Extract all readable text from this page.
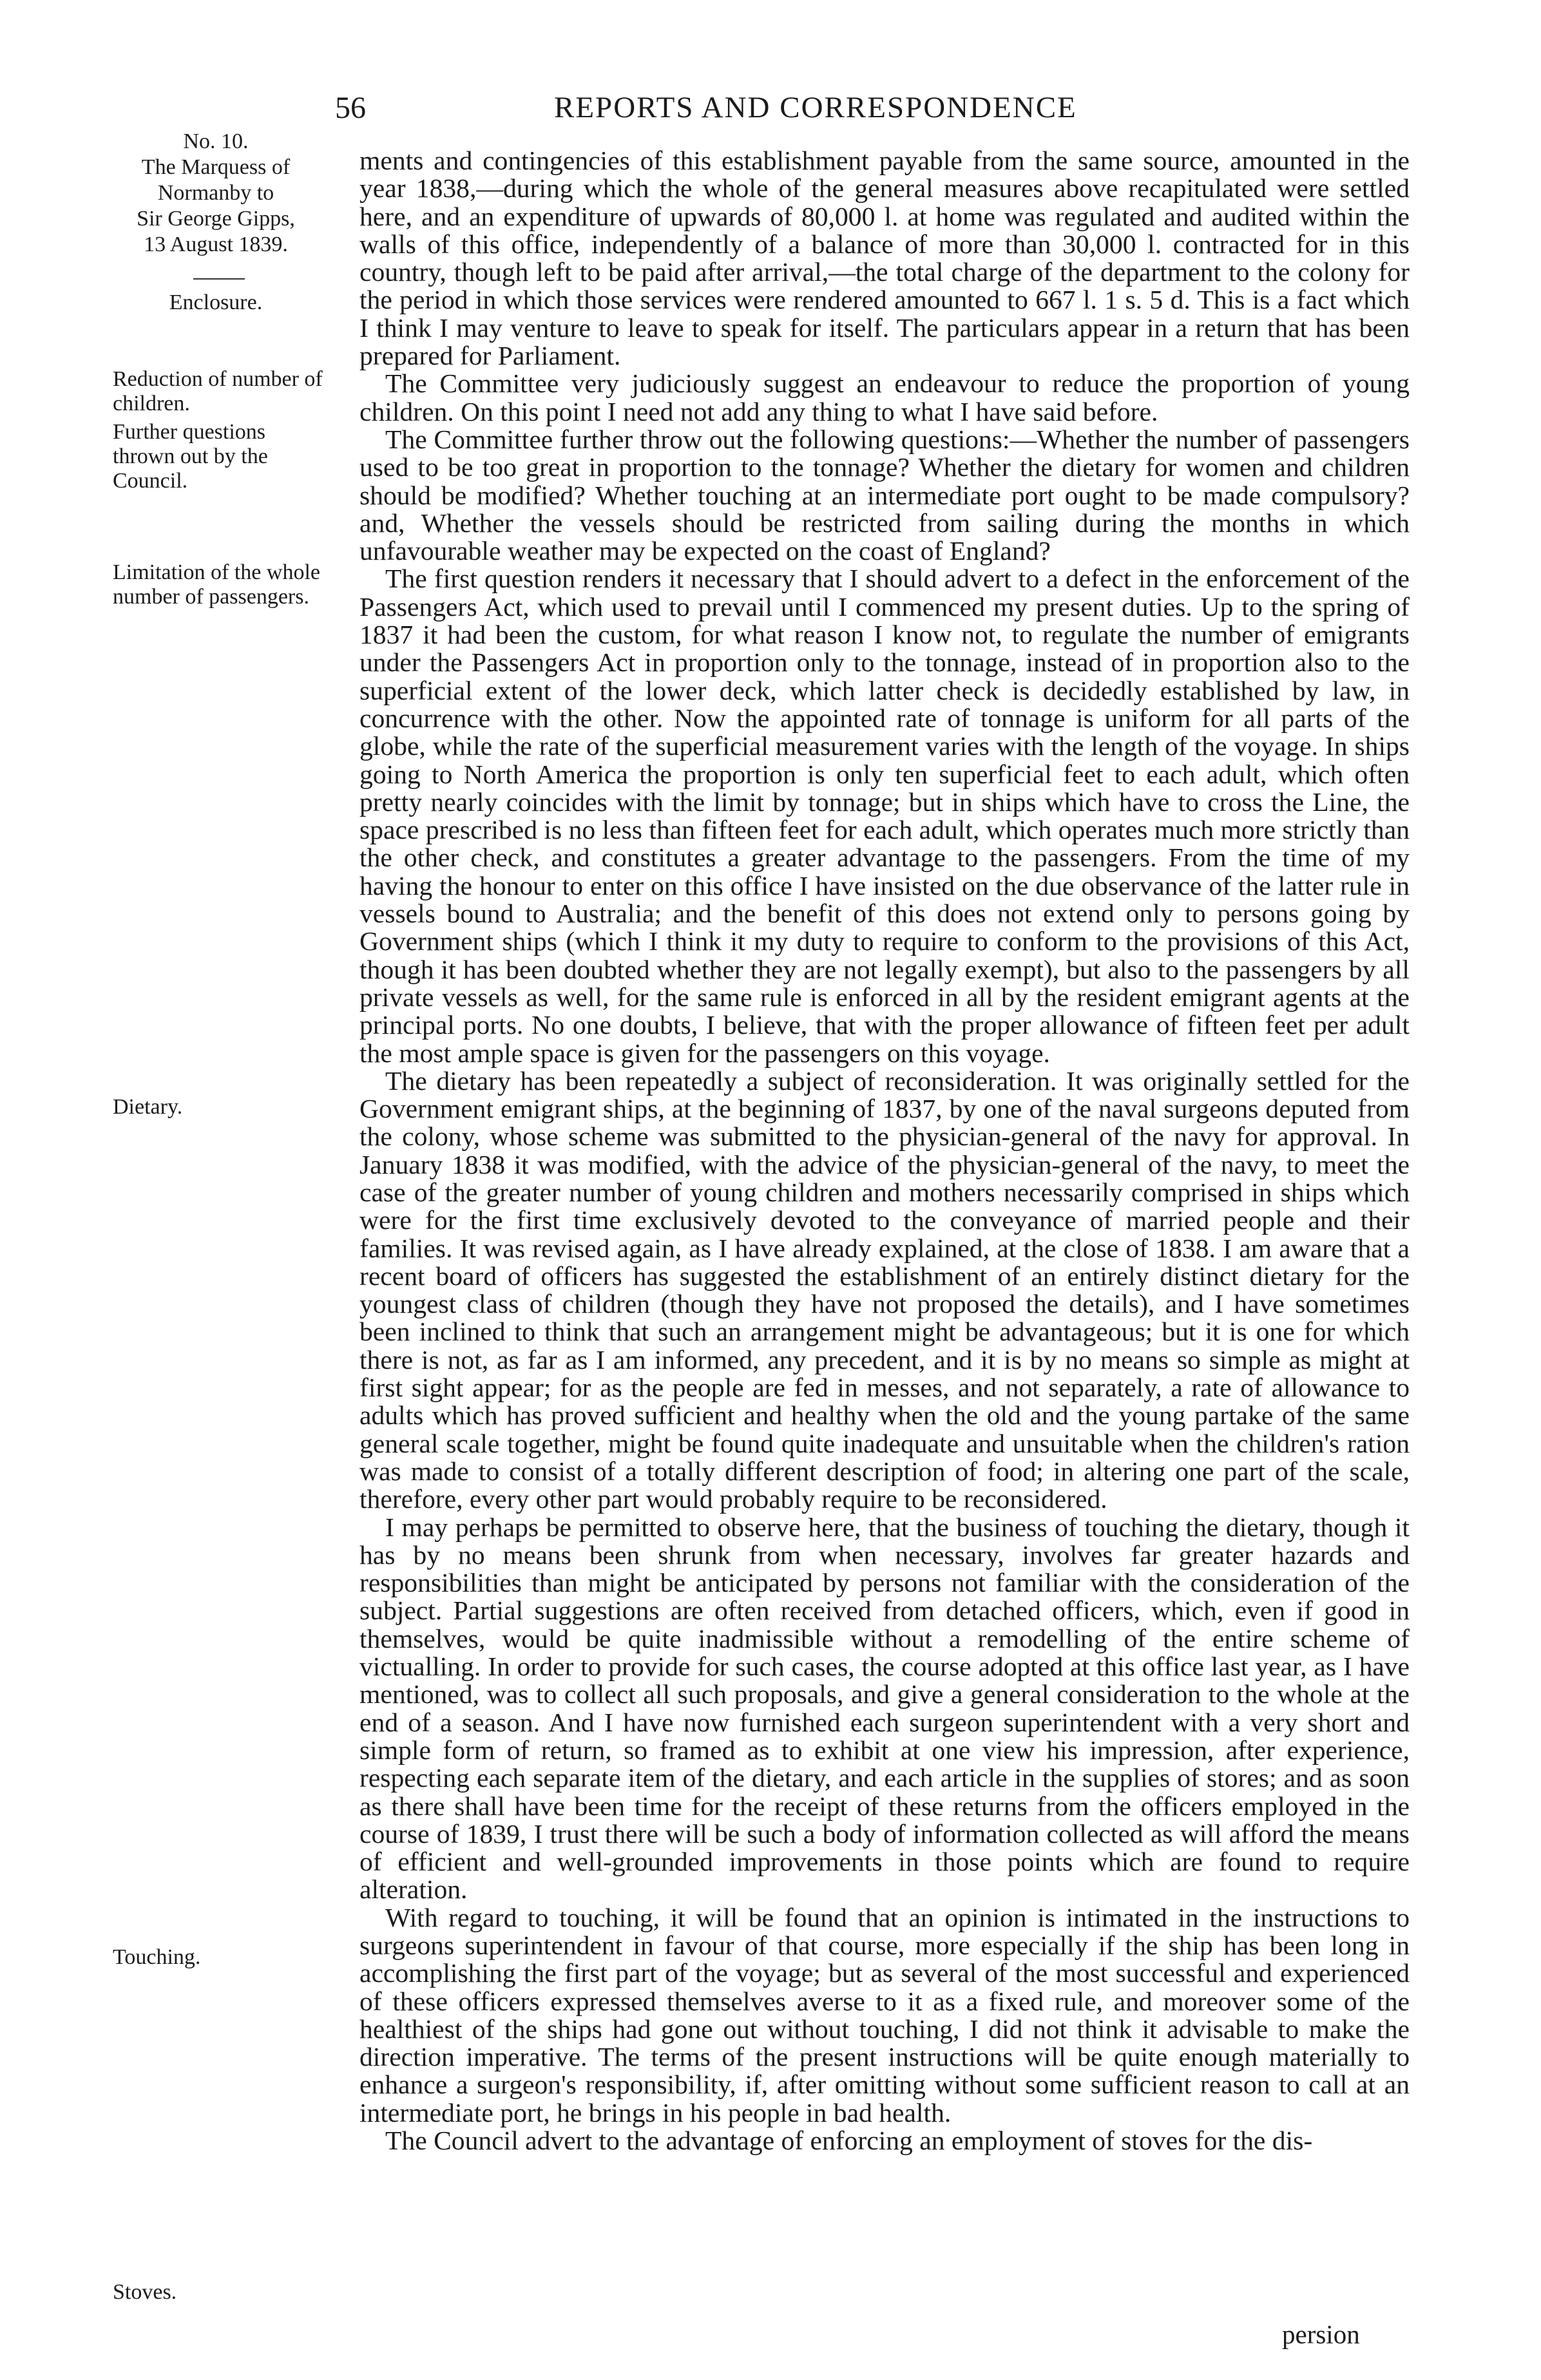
56	REPORTS AND CORRESPONDENCE
No. 10.
The Marquess of
Normanby to
Sir George Gipps,
13 August 1839.
Enclosure.
Reduction of number of children.
Further questions thrown out by the Council.
Limitation of the whole number of passengers.
Dietary.
Touching.
Stoves.

ments and contingencies of this establishment payable from the same source, amounted in the year 1838,—during which the whole of the general measures above recapitulated were settled here, and an expenditure of upwards of 80,000 l. at home was regulated and audited within the walls of this office, independently of a balance of more than 30,000 l. contracted for in this country, though left to be paid after arrival,—the total charge of the department to the colony for the period in which those services were rendered amounted to 667 l. 1 s. 5 d. This is a fact which I think I may venture to leave to speak for itself. The particulars appear in a return that has been prepared for Parliament.

The Committee very judiciously suggest an endeavour to reduce the proportion of young children. On this point I need not add any thing to what I have said before.

The Committee further throw out the following questions:—Whether the number of passengers used to be too great in proportion to the tonnage? Whether the dietary for women and children should be modified? Whether touching at an intermediate port ought to be made compulsory? and, Whether the vessels should be restricted from sailing during the months in which unfavourable weather may be expected on the coast of England?

The first question renders it necessary that I should advert to a defect in the enforcement of the Passengers Act, which used to prevail until I commenced my present duties. Up to the spring of 1837 it had been the custom, for what reason I know not, to regulate the number of emigrants under the Passengers Act in proportion only to the tonnage, instead of in proportion also to the superficial extent of the lower deck, which latter check is decidedly established by law, in concurrence with the other. Now the appointed rate of tonnage is uniform for all parts of the globe, while the rate of the superficial measurement varies with the length of the voyage. In ships going to North America the proportion is only ten superficial feet to each adult, which often pretty nearly coincides with the limit by tonnage; but in ships which have to cross the Line, the space prescribed is no less than fifteen feet for each adult, which operates much more strictly than the other check, and constitutes a greater advantage to the passengers. From the time of my having the honour to enter on this office I have insisted on the due observance of the latter rule in vessels bound to Australia; and the benefit of this does not extend only to persons going by Government ships (which I think it my duty to require to conform to the provisions of this Act, though it has been doubted whether they are not legally exempt), but also to the passengers by all private vessels as well, for the same rule is enforced in all by the resident emigrant agents at the principal ports. No one doubts, I believe, that with the proper allowance of fifteen feet per adult the most ample space is given for the passengers on this voyage.

The dietary has been repeatedly a subject of reconsideration. It was originally settled for the Government emigrant ships, at the beginning of 1837, by one of the naval surgeons deputed from the colony, whose scheme was submitted to the physician-general of the navy for approval. In January 1838 it was modified, with the advice of the physician-general of the navy, to meet the case of the greater number of young children and mothers necessarily comprised in ships which were for the first time exclusively devoted to the conveyance of married people and their families. It was revised again, as I have already explained, at the close of 1838. I am aware that a recent board of officers has suggested the establishment of an entirely distinct dietary for the youngest class of children (though they have not proposed the details), and I have sometimes been inclined to think that such an arrangement might be advantageous; but it is one for which there is not, as far as I am informed, any precedent, and it is by no means so simple as might at first sight appear; for as the people are fed in messes, and not separately, a rate of allowance to adults which has proved sufficient and healthy when the old and the young partake of the same general scale together, might be found quite inadequate and unsuitable when the children's ration was made to consist of a totally different description of food; in altering one part of the scale, therefore, every other part would probably require to be reconsidered.

I may perhaps be permitted to observe here, that the business of touching the dietary, though it has by no means been shrunk from when necessary, involves far greater hazards and responsibilities than might be anticipated by persons not familiar with the consideration of the subject. Partial suggestions are often received from detached officers, which, even if good in themselves, would be quite inadmissible without a remodelling of the entire scheme of victualling. In order to provide for such cases, the course adopted at this office last year, as I have mentioned, was to collect all such proposals, and give a general consideration to the whole at the end of a season. And I have now furnished each surgeon superintendent with a very short and simple form of return, so framed as to exhibit at one view his impression, after experience, respecting each separate item of the dietary, and each article in the supplies of stores; and as soon as there shall have been time for the receipt of these returns from the officers employed in the course of 1839, I trust there will be such a body of information collected as will afford the means of efficient and well-grounded improvements in those points which are found to require alteration.

With regard to touching, it will be found that an opinion is intimated in the instructions to surgeons superintendent in favour of that course, more especially if the ship has been long in accomplishing the first part of the voyage; but as several of the most successful and experienced of these officers expressed themselves averse to it as a fixed rule, and moreover some of the healthiest of the ships had gone out without touching, I did not think it advisable to make the direction imperative. The terms of the present instructions will be quite enough materially to enhance a surgeon's responsibility, if, after omitting without some sufficient reason to call at an intermediate port, he brings in his people in bad health.

The Council advert to the advantage of enforcing an employment of stoves for the dis-

persion
